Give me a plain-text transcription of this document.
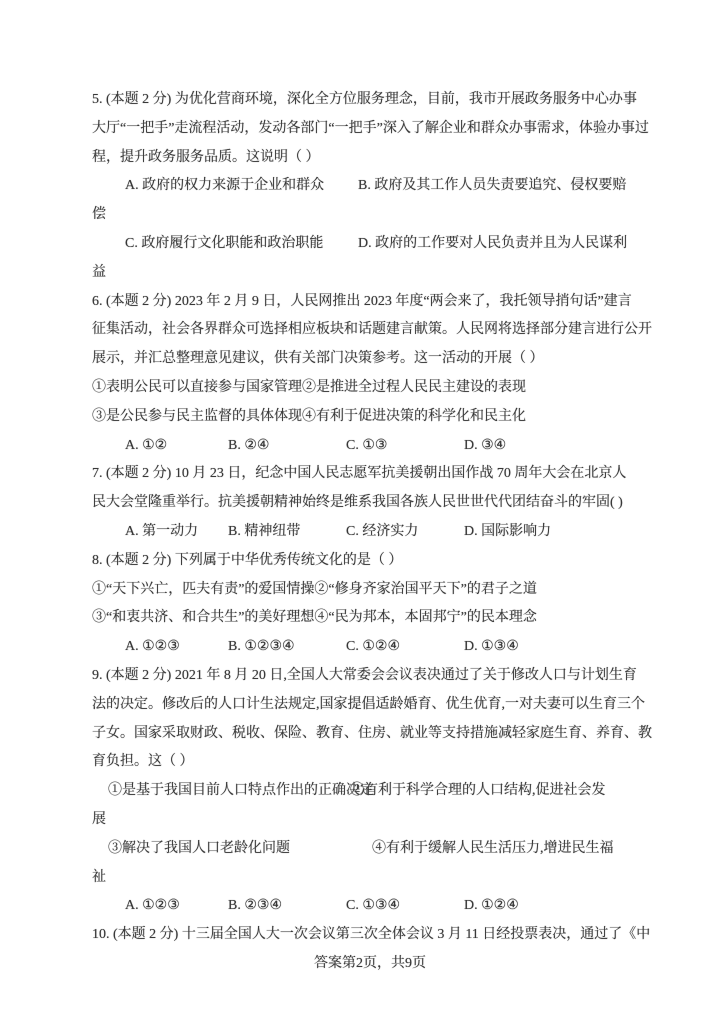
5. (本题 2 分) 为优化营商环境，深化全方位服务理念，目前，我市开展政务服务中心办事
大厅“一把手”走流程活动，发动各部门“一把手”深入了解企业和群众办事需求，体验办事过
程，提升政务服务品质。这说明（ ）
A. 政府的权力来源于企业和群众	B. 政府及其工作人员失责要追究、侵权要赔
偿
C. 政府履行文化职能和政治职能	D. 政府的工作要对人民负责并且为人民谋利
益
6. (本题 2 分) 2023 年 2 月 9 日，人民网推出 2023 年度“两会来了，我托领导捎句话”建言
征集活动，社会各界群众可选择相应板块和话题建言献策。人民网将选择部分建言进行公开
展示，并汇总整理意见建议，供有关部门决策参考。这一活动的开展（ ）
①表明公民可以直接参与国家管理②是推进全过程人民民主建设的表现
③是公民参与民主监督的具体体现④有利于促进决策的科学化和民主化
A. ①②	B. ②④	C. ①③	D. ③④
7. (本题 2 分) 10 月 23 日，纪念中国人民志愿军抗美援朝出国作战 70 周年大会在北京人
民大会堂隆重举行。抗美援朝精神始终是维系我国各族人民世世代代团结奋斗的牢固( )
A. 第一动力	B. 精神纽带	C. 经济实力	D. 国际影响力
8. (本题 2 分) 下列属于中华优秀传统文化的是（ ）
①“天下兴亡，匹夫有责”的爱国情操②“修身齐家治国平天下”的君子之道
③“和衷共济、和合共生”的美好理想④“民为邦本，本固邦宁”的民本理念
A. ①②③	B. ①②③④	C. ①②④	D. ①③④
9. (本题 2 分) 2021 年 8 月 20 日,全国人大常委会会议表决通过了关于修改人口与计划生育
法的决定。修改后的人口计生法规定,国家提倡适龄婚育、优生优育,一对夫妻可以生育三个
子女。国家采取财政、税收、保险、教育、住房、就业等支持措施减轻家庭生育、养育、教
育负担。这（ ）
①是基于我国目前人口特点作出的正确决定
②有利于科学合理的人口结构,促进社会发
展
③解决了我国人口老龄化问题	④有利于缓解人民生活压力,增进民生福
祉
A. ①②③	B. ②③④	C. ①③④	D. ①②④
10. (本题 2 分) 十三届全国人大一次会议第三次全体会议 3 月 11 日经投票表决，通过了《中
答案第2页，共9页
